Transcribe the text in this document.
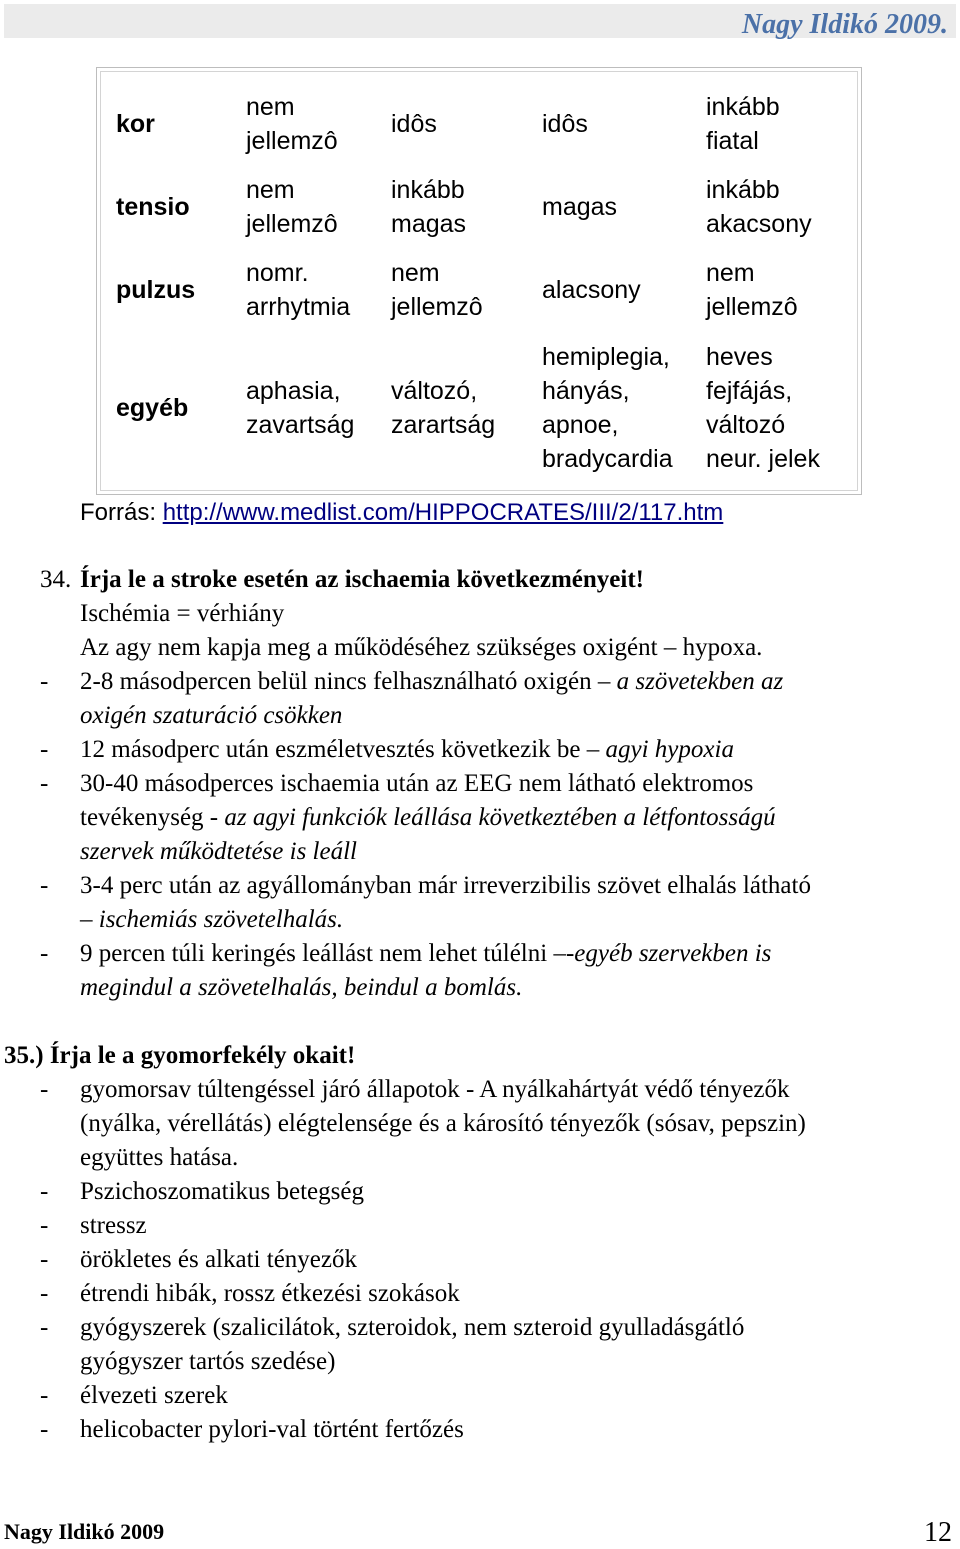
Nagy Ildikó 2009.
kor
nem
jellemzô
idôs	idôs
inkább
fiatal
tensio
nem
jellemzô
inkább
magas
magas
inkább
akacsony
pulzus
nomr.
arrhytmia
nem
jellemzô
alacsony
nem
jellemzô
egyéb
aphasia,
zavartság
változó,
zarartság
hemiplegia,
hányás,
apnoe,
bradycardia
heves
fejfájás,
változó
neur. jelek
Forrás: http://www.medlist.com/HIPPOCRATES/III/2/117.htm
34. Írja le a stroke esetén az ischaemia következményeit!
Ischémia = vérhiány
Az agy nem kapja meg a működéséhez szükséges oxigént – hypoxa.
- 2-8 másodpercen belül nincs felhasználható oxigén – a szövetekben az
oxigén szaturáció csökken
- 12 másodperc után eszméletvesztés következik be – agyi hypoxia
- 30-40 másodperces ischaemia után az EEG nem látható elektromos
tevékenység - az agyi funkciók leállása következtében a létfontosságú
szervek működtetése is leáll
- 3-4 perc után az agyállományban már irreverzibilis szövet elhalás látható
– ischemiás szövetelhalás.
- 9 percen túli keringés leállást nem lehet túlélni –-egyéb szervekben is
megindul a szövetelhalás, beindul a bomlás.
35.) Írja le a gyomorfekély okait!
- gyomorsav túltengéssel járó állapotok - A nyálkahártyát védő tényezők
(nyálka, vérellátás) elégtelensége és a károsító tényezők (sósav, pepszin)
együttes hatása.
- Pszichoszomatikus betegség
- stressz
- örökletes és alkati tényezők
- étrendi hibák, rossz étkezési szokások
- gyógyszerek (szalicilátok, szteroidok, nem szteroid gyulladásgátló
gyógyszer tartós szedése)
- élvezeti szerek
- helicobacter pylori-val történt fertőzés
Nagy Ildikó 2009	12
